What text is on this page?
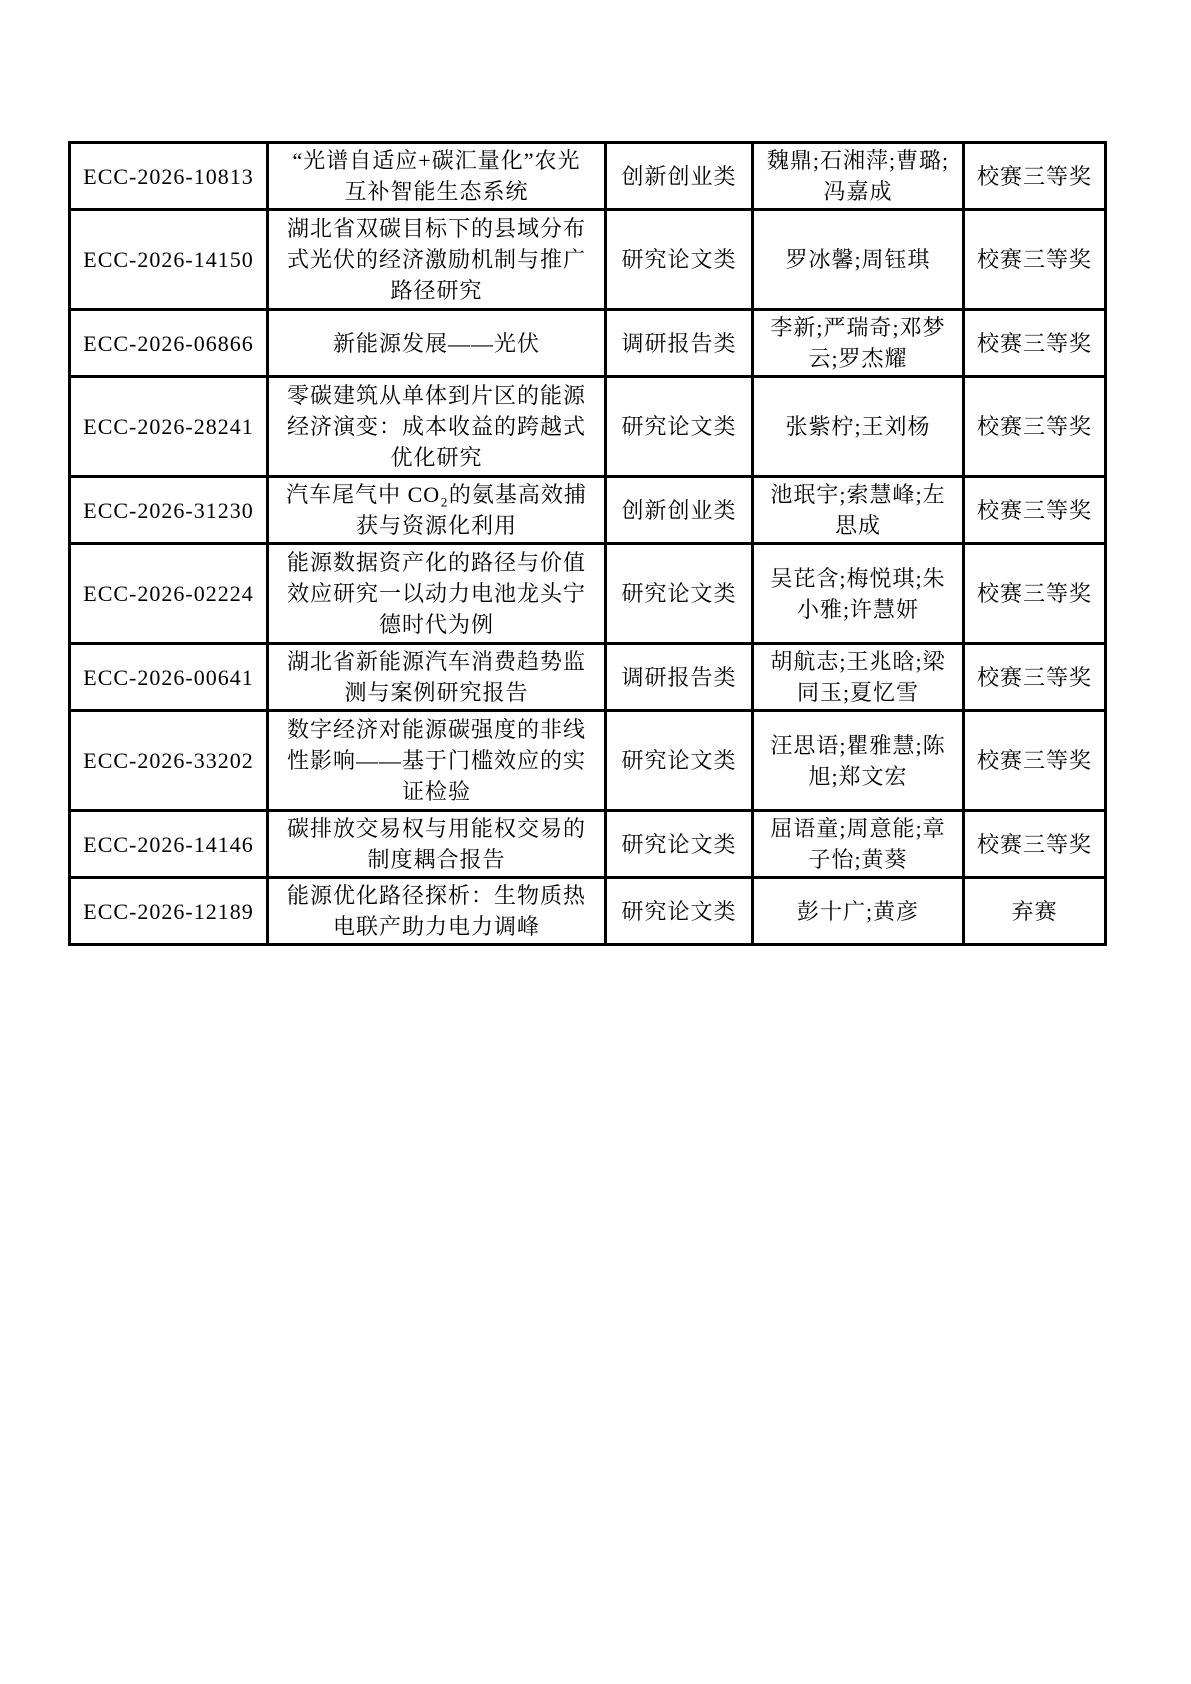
ECC-2026-10813	“光谱自适应+碳汇量化”农光互补智能生态系统	创新创业类	魏鼎;石湘萍;曹璐;冯嘉成	校赛三等奖
ECC-2026-14150	湖北省双碳目标下的县域分布式光伏的经济激励机制与推广路径研究	研究论文类	罗冰馨;周钰琪	校赛三等奖
ECC-2026-06866	新能源发展——光伏	调研报告类	李新;严瑞奇;邓梦云;罗杰耀	校赛三等奖
ECC-2026-28241	零碳建筑从单体到片区的能源经济演变：成本收益的跨越式优化研究	研究论文类	张紫柠;王刘杨	校赛三等奖
ECC-2026-31230	汽车尾气中 CO₂的氨基高效捕获与资源化利用	创新创业类	池珉宇;索慧峰;左思成	校赛三等奖
ECC-2026-02224	能源数据资产化的路径与价值效应研究一以动力电池龙头宁德时代为例	研究论文类	吴芘含;梅悦琪;朱小雅;许慧妍	校赛三等奖
ECC-2026-00641	湖北省新能源汽车消费趋势监测与案例研究报告	调研报告类	胡航志;王兆晗;梁同玉;夏忆雪	校赛三等奖
ECC-2026-33202	数字经济对能源碳强度的非线性影响——基于门槛效应的实证检验	研究论文类	汪思语;瞿雅慧;陈旭;郑文宏	校赛三等奖
ECC-2026-14146	碳排放交易权与用能权交易的制度耦合报告	研究论文类	屈语童;周意能;章子怡;黄葵	校赛三等奖
ECC-2026-12189	能源优化路径探析：生物质热电联产助力电力调峰	研究论文类	彭十广;黄彦	弃赛
